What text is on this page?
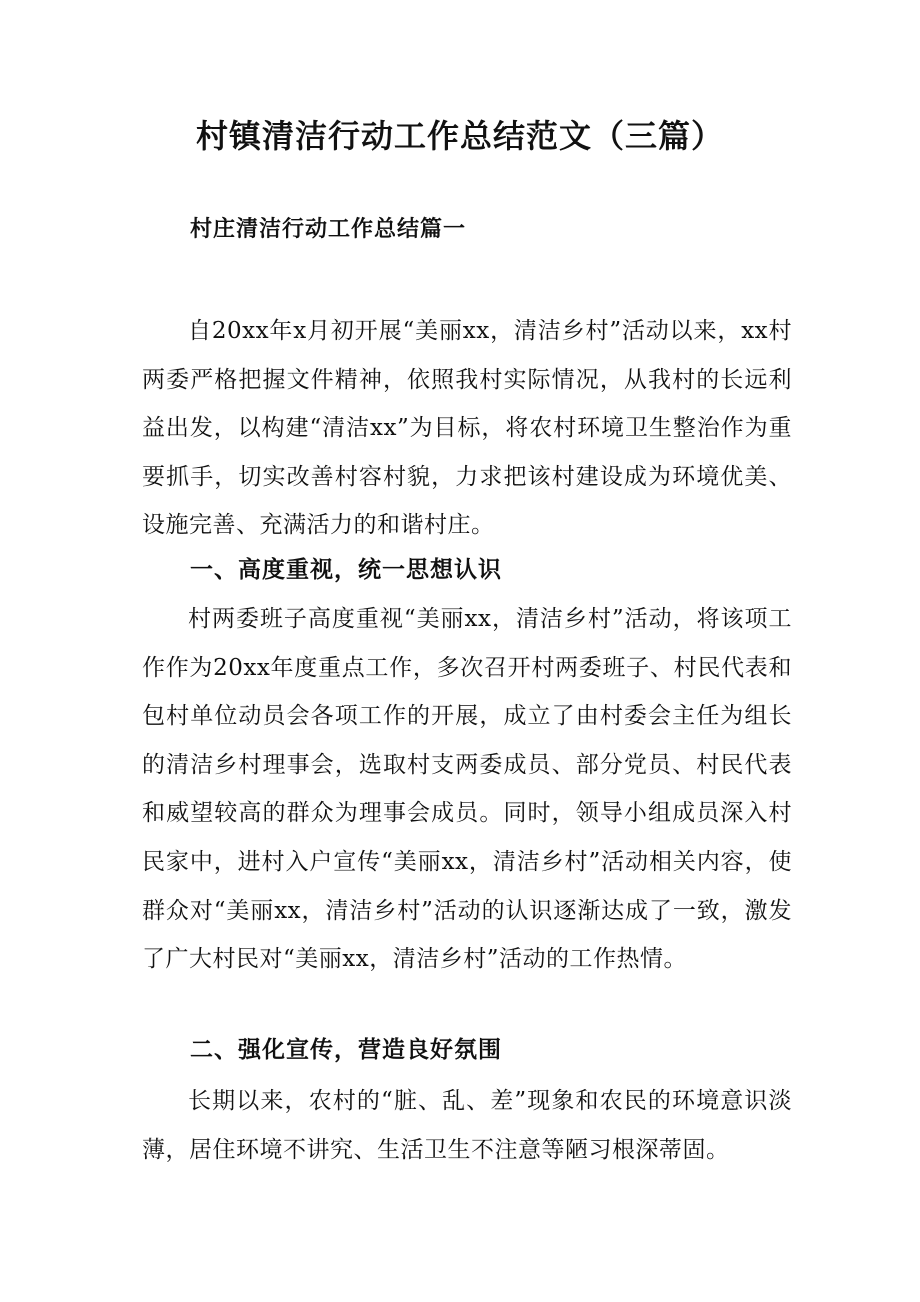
村镇清洁行动工作总结范文（三篇）
村庄清洁行动工作总结篇一

自20xx年x月初开展“美丽xx，清洁乡村”活动以来，xx村两委严格把握文件精神，依照我村实际情况，从我村的长远利益出发，以构建“清洁xx”为目标，将农村环境卫生整治作为重要抓手，切实改善村容村貌，力求把该村建设成为环境优美、设施完善、充满活力的和谐村庄。

一、高度重视，统一思想认识

村两委班子高度重视“美丽xx，清洁乡村”活动，将该项工作作为20xx年度重点工作，多次召开村两委班子、村民代表和包村单位动员会各项工作的开展，成立了由村委会主任为组长的清洁乡村理事会，选取村支两委成员、部分党员、村民代表和威望较高的群众为理事会成员。同时，领导小组成员深入村民家中，进村入户宣传“美丽xx，清洁乡村”活动相关内容，使群众对“美丽xx，清洁乡村”活动的认识逐渐达成了一致，激发了广大村民对“美丽xx，清洁乡村”活动的工作热情。

二、强化宣传，营造良好氛围

长期以来，农村的“脏、乱、差”现象和农民的环境意识淡薄，居住环境不讲究、生活卫生不注意等陋习根深蒂固。
